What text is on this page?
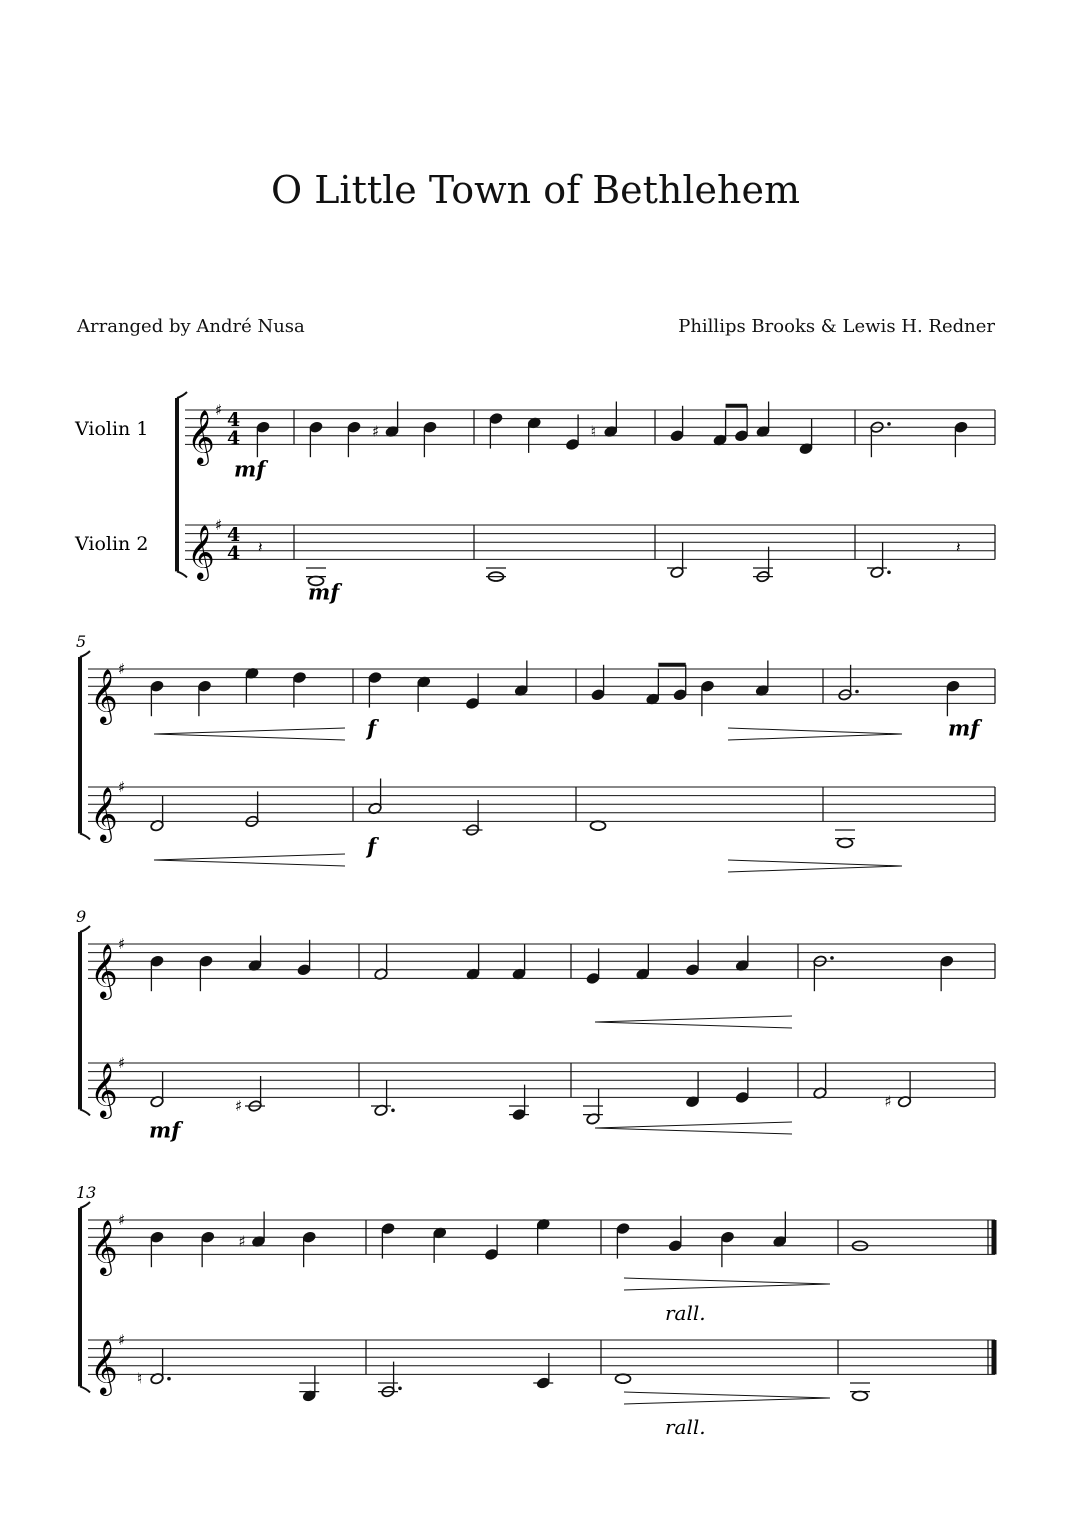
O Little Town of Bethlehem
Arranged by André Nusa	Phillips Brooks & Lewis H. Redner
𝄞 ♯
𝄞 ♯
4
4
4
4
Violin 1
Violin 2	𝄽
♯	♮
𝄽
mf
mf
𝄞 ♯
𝄞 ♯
5
f	mf
f
𝄞 ♯
𝄞 ♯
9
♯	♯
mf
𝄞 ♯
𝄞 ♯
13
♯
♮
rall.
rall.
